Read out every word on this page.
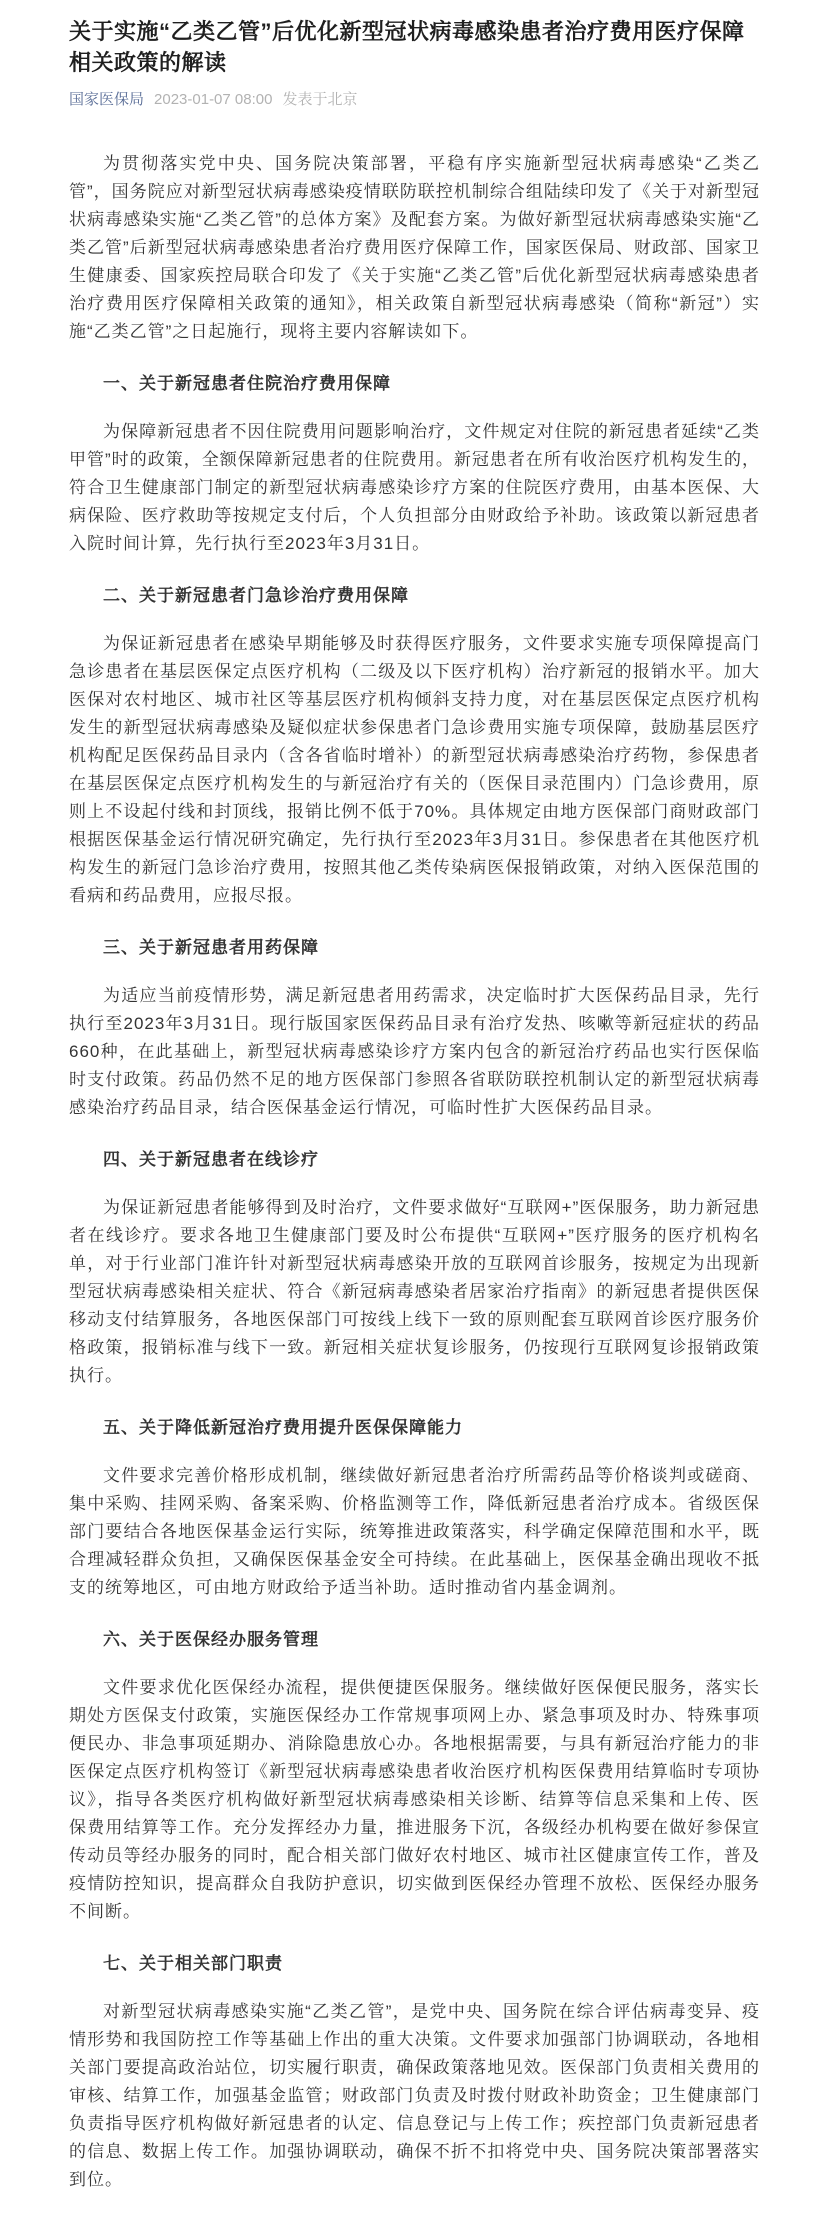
关于实施“乙类乙管”后优化新型冠状病毒感染患者治疗费用医疗保障相关政策的解读
国家医保局 2023-01-07 08:00 发表于北京

为贯彻落实党中央、国务院决策部署，平稳有序实施新型冠状病毒感染“乙类乙管”，国务院应对新型冠状病毒感染疫情联防联控机制综合组陆续印发了《关于对新型冠状病毒感染实施“乙类乙管”的总体方案》及配套方案。为做好新型冠状病毒感染实施“乙类乙管”后新型冠状病毒感染患者治疗费用医疗保障工作，国家医保局、财政部、国家卫生健康委、国家疾控局联合印发了《关于实施“乙类乙管”后优化新型冠状病毒感染患者治疗费用医疗保障相关政策的通知》，相关政策自新型冠状病毒感染（简称“新冠”）实施“乙类乙管”之日起施行，现将主要内容解读如下。

一、关于新冠患者住院治疗费用保障

为保障新冠患者不因住院费用问题影响治疗，文件规定对住院的新冠患者延续“乙类甲管”时的政策，全额保障新冠患者的住院费用。新冠患者在所有收治医疗机构发生的，符合卫生健康部门制定的新型冠状病毒感染诊疗方案的住院医疗费用，由基本医保、大病保险、医疗救助等按规定支付后，个人负担部分由财政给予补助。该政策以新冠患者入院时间计算，先行执行至2023年3月31日。

二、关于新冠患者门急诊治疗费用保障

为保证新冠患者在感染早期能够及时获得医疗服务，文件要求实施专项保障提高门急诊患者在基层医保定点医疗机构（二级及以下医疗机构）治疗新冠的报销水平。加大医保对农村地区、城市社区等基层医疗机构倾斜支持力度，对在基层医保定点医疗机构发生的新型冠状病毒感染及疑似症状参保患者门急诊费用实施专项保障，鼓励基层医疗机构配足医保药品目录内（含各省临时增补）的新型冠状病毒感染治疗药物，参保患者在基层医保定点医疗机构发生的与新冠治疗有关的（医保目录范围内）门急诊费用，原则上不设起付线和封顶线，报销比例不低于70%。具体规定由地方医保部门商财政部门根据医保基金运行情况研究确定，先行执行至2023年3月31日。参保患者在其他医疗机构发生的新冠门急诊治疗费用，按照其他乙类传染病医保报销政策，对纳入医保范围的看病和药品费用，应报尽报。

三、关于新冠患者用药保障

为适应当前疫情形势，满足新冠患者用药需求，决定临时扩大医保药品目录，先行执行至2023年3月31日。现行版国家医保药品目录有治疗发热、咳嗽等新冠症状的药品660种，在此基础上，新型冠状病毒感染诊疗方案内包含的新冠治疗药品也实行医保临时支付政策。药品仍然不足的地方医保部门参照各省联防联控机制认定的新型冠状病毒感染治疗药品目录，结合医保基金运行情况，可临时性扩大医保药品目录。

四、关于新冠患者在线诊疗

为保证新冠患者能够得到及时治疗，文件要求做好“互联网+”医保服务，助力新冠患者在线诊疗。要求各地卫生健康部门要及时公布提供“互联网+”医疗服务的医疗机构名单，对于行业部门准许针对新型冠状病毒感染开放的互联网首诊服务，按规定为出现新型冠状病毒感染相关症状、符合《新冠病毒感染者居家治疗指南》的新冠患者提供医保移动支付结算服务，各地医保部门可按线上线下一致的原则配套互联网首诊医疗服务价格政策，报销标准与线下一致。新冠相关症状复诊服务，仍按现行互联网复诊报销政策执行。

五、关于降低新冠治疗费用提升医保保障能力

文件要求完善价格形成机制，继续做好新冠患者治疗所需药品等价格谈判或磋商、集中采购、挂网采购、备案采购、价格监测等工作，降低新冠患者治疗成本。省级医保部门要结合各地医保基金运行实际，统筹推进政策落实，科学确定保障范围和水平，既合理减轻群众负担，又确保医保基金安全可持续。在此基础上，医保基金确出现收不抵支的统筹地区，可由地方财政给予适当补助。适时推动省内基金调剂。

六、关于医保经办服务管理

文件要求优化医保经办流程，提供便捷医保服务。继续做好医保便民服务，落实长期处方医保支付政策，实施医保经办工作常规事项网上办、紧急事项及时办、特殊事项便民办、非急事项延期办、消除隐患放心办。各地根据需要，与具有新冠治疗能力的非医保定点医疗机构签订《新型冠状病毒感染患者收治医疗机构医保费用结算临时专项协议》，指导各类医疗机构做好新型冠状病毒感染相关诊断、结算等信息采集和上传、医保费用结算等工作。充分发挥经办力量，推进服务下沉，各级经办机构要在做好参保宣传动员等经办服务的同时，配合相关部门做好农村地区、城市社区健康宣传工作，普及疫情防控知识，提高群众自我防护意识，切实做到医保经办管理不放松、医保经办服务不间断。

七、关于相关部门职责

对新型冠状病毒感染实施“乙类乙管”，是党中央、国务院在综合评估病毒变异、疫情形势和我国防控工作等基础上作出的重大决策。文件要求加强部门协调联动，各地相关部门要提高政治站位，切实履行职责，确保政策落地见效。医保部门负责相关费用的审核、结算工作，加强基金监管；财政部门负责及时拨付财政补助资金；卫生健康部门负责指导医疗机构做好新冠患者的认定、信息登记与上传工作；疾控部门负责新冠患者的信息、数据上传工作。加强协调联动，确保不折不扣将党中央、国务院决策部署落实到位。
